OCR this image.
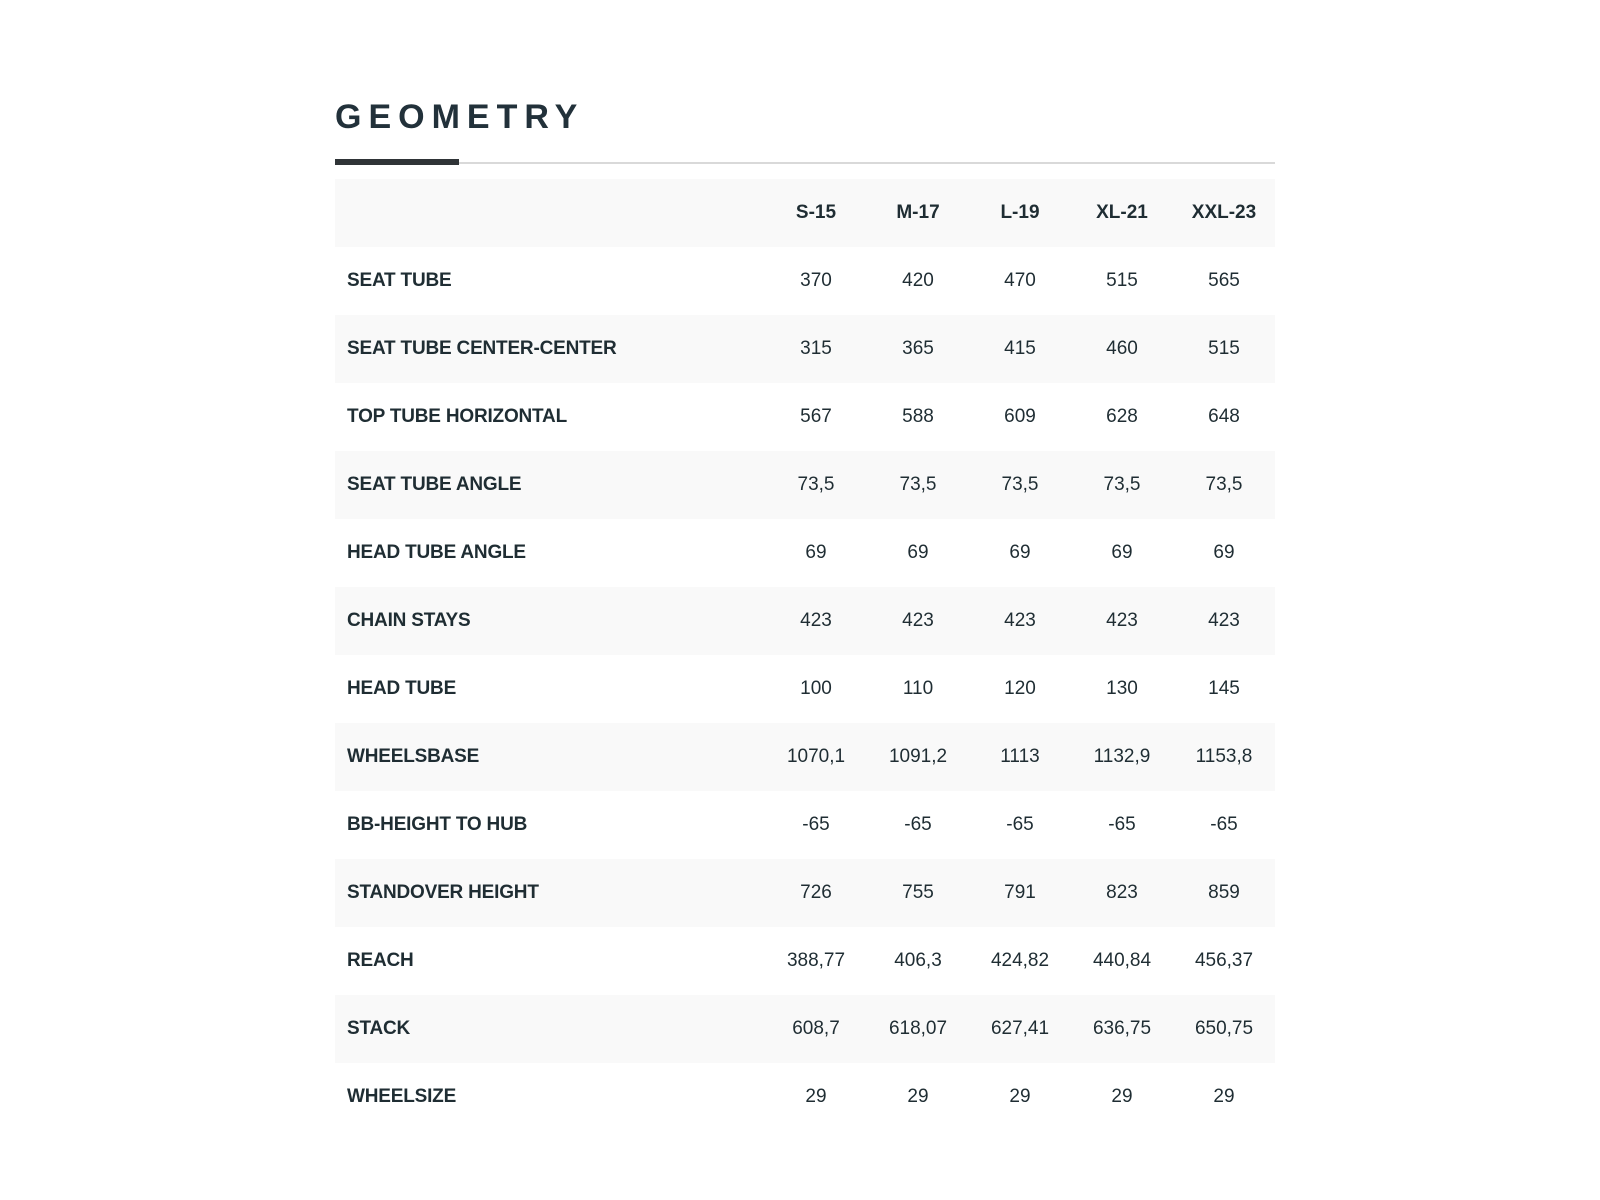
GEOMETRY
	S-15	M-17	L-19	XL-21	XXL-23
SEAT TUBE	370	420	470	515	565
SEAT TUBE CENTER-CENTER	315	365	415	460	515
TOP TUBE HORIZONTAL	567	588	609	628	648
SEAT TUBE ANGLE	73,5	73,5	73,5	73,5	73,5
HEAD TUBE ANGLE	69	69	69	69	69
CHAIN STAYS	423	423	423	423	423
HEAD TUBE	100	110	120	130	145
WHEELSBASE	1070,1	1091,2	1113	1132,9	1153,8
BB-HEIGHT TO HUB	-65	-65	-65	-65	-65
STANDOVER HEIGHT	726	755	791	823	859
REACH	388,77	406,3	424,82	440,84	456,37
STACK	608,7	618,07	627,41	636,75	650,75
WHEELSIZE	29	29	29	29	29
